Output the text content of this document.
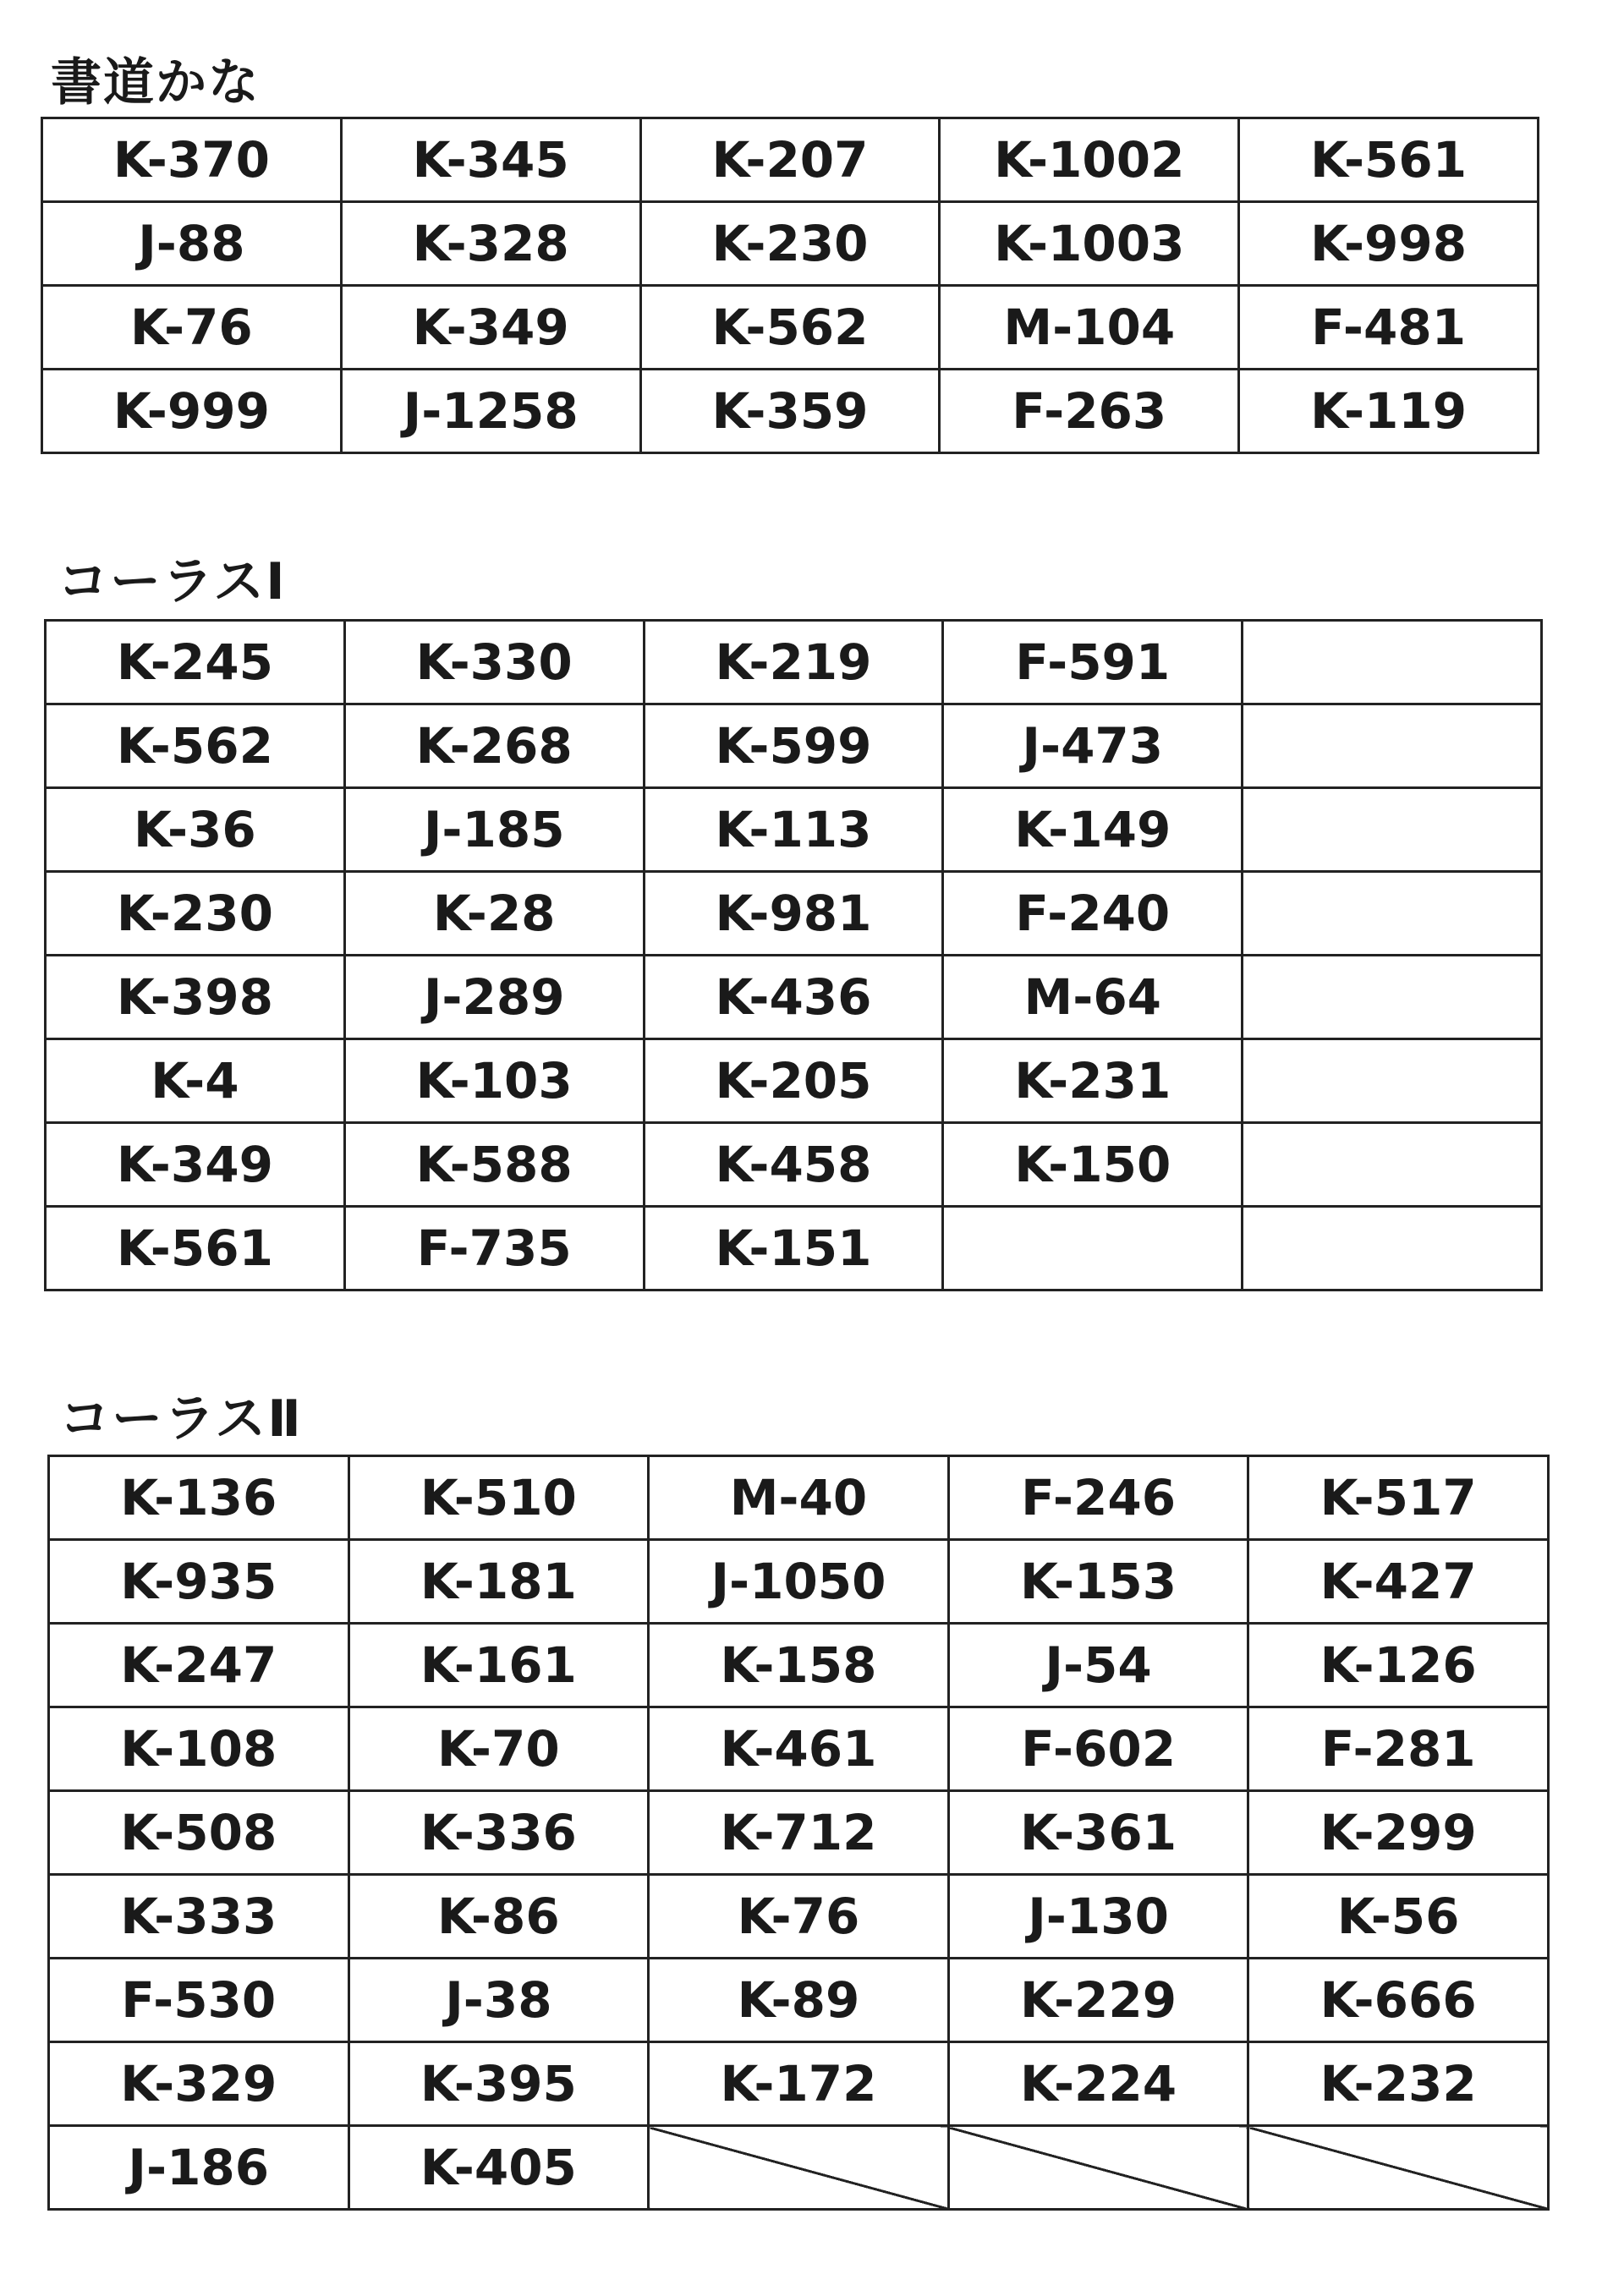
書道かな
K-370	K-345	K-207	K-1002	K-561
J-88	K-328	K-230	K-1003	K-998
K-76	K-349	K-562	M-104	F-481
K-999	J-1258	K-359	F-263	K-119
コーラスⅠ
K-245	K-330	K-219	F-591	
K-562	K-268	K-599	J-473	
K-36	J-185	K-113	K-149	
K-230	K-28	K-981	F-240	
K-398	J-289	K-436	M-64	
K-4	K-103	K-205	K-231	
K-349	K-588	K-458	K-150	
K-561	F-735	K-151		
コーラスⅡ
K-136	K-510	M-40	F-246	K-517
K-935	K-181	J-1050	K-153	K-427
K-247	K-161	K-158	J-54	K-126
K-108	K-70	K-461	F-602	F-281
K-508	K-336	K-712	K-361	K-299
K-333	K-86	K-76	J-130	K-56
F-530	J-38	K-89	K-229	K-666
K-329	K-395	K-172	K-224	K-232
J-186	K-405			
